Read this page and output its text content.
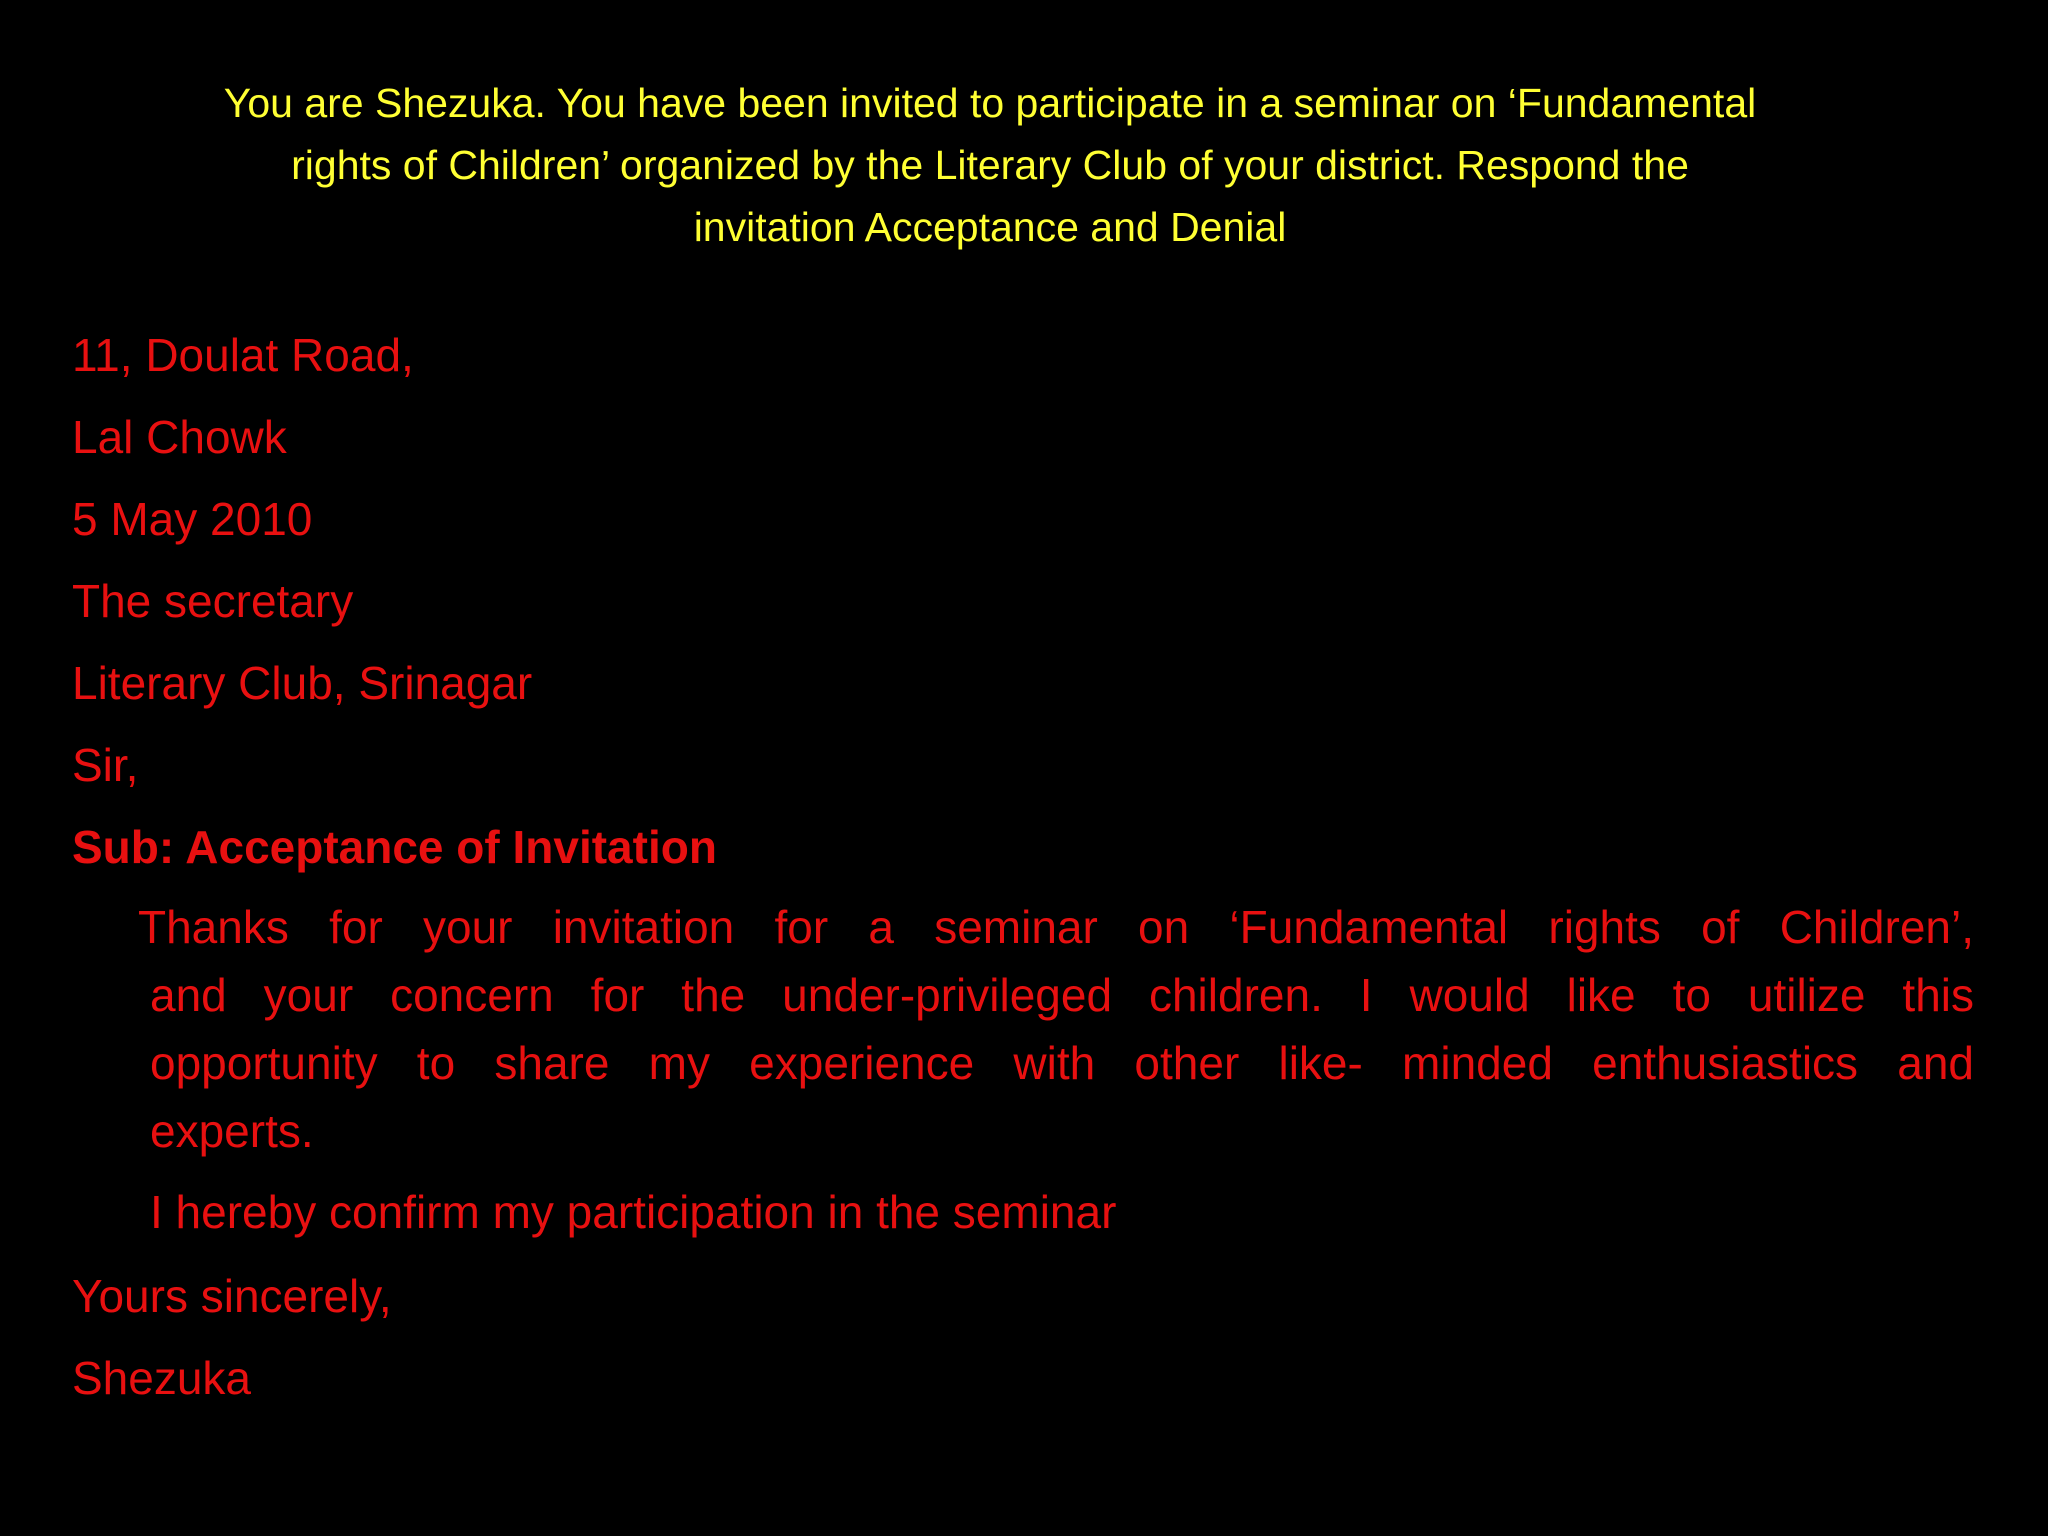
You are Shezuka. You have been invited to participate in a seminar on ‘Fundamental
rights of Children’ organized by the Literary Club of your district. Respond the
invitation Acceptance and Denial
11, Doulat Road,
Lal Chowk
5 May 2010
The secretary
Literary Club, Srinagar
Sir,
Sub: Acceptance of Invitation
Thanks for your invitation for a seminar on ‘Fundamental rights of Children’,
and your concern for the under-privileged children. I would like to utilize this
opportunity to share my experience with other like- minded enthusiastics and
experts.
I hereby confirm my participation in the seminar
Yours sincerely,
Shezuka
